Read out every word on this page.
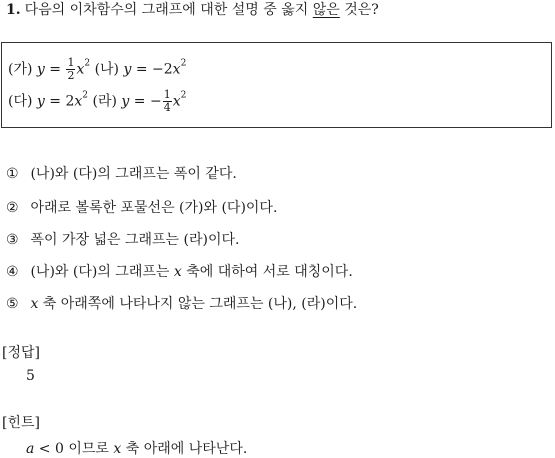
1. 다음의 이차함수의 그래프에 대한 설명 중 옳지 않은 것은?
(가) $y = \frac{1}{2} x^2$ (나) $y = -2x^2$
(다) $y = 2x^2$ (라) y = − $\frac{1}{4} x^2$
① (나)와 (다)의 그래프는 폭이 같다.
② 아래로 볼록한 포물선은 (가)와 (다)이다.
③ 폭이 가장 넓은 그래프는 (라)이다.
④ (나)와 (다)의 그래프는 x 축에 대하여 서로 대칭이다.
⑤ x 축 아래쪽에 나타나지 않는 그래프는 (나), (라)이다.
[정답]
5
[힌트]
a < 0 이므로 x 축 아래에 나타난다.
